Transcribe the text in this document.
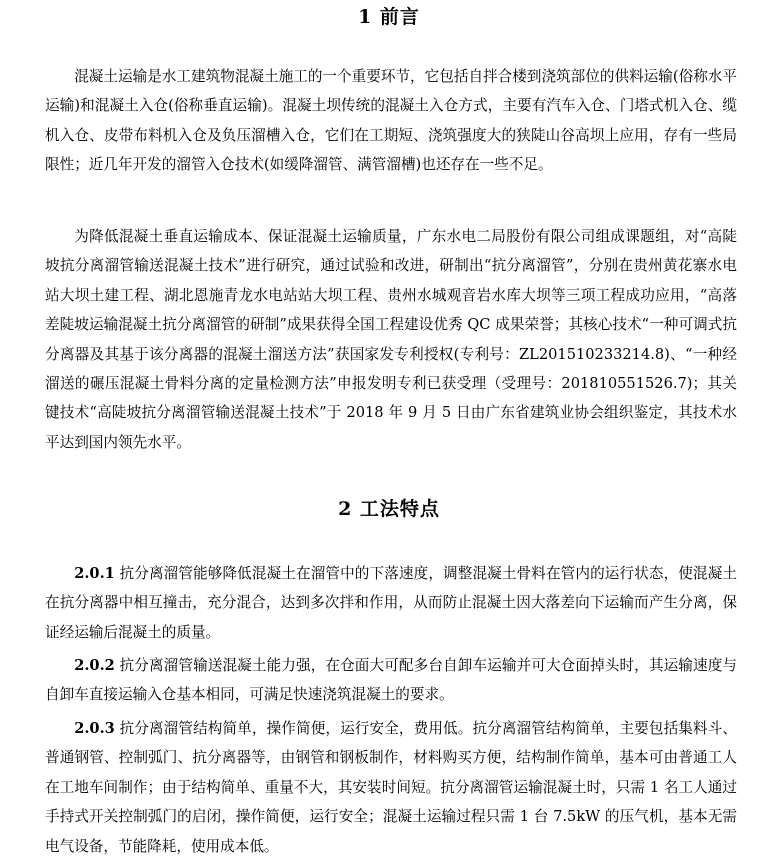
1 前言

混凝土运输是水工建筑物混凝土施工的一个重要环节，它包括自拌合楼到浇筑部位的供料运输(俗称水平运输)和混凝土入仓(俗称垂直运输)。混凝土坝传统的混凝土入仓方式，主要有汽车入仓、门塔式机入仓、缆机入仓、皮带布料机入仓及负压溜槽入仓，它们在工期短、浇筑强度大的狭陡山谷高坝上应用，存有一些局限性；近几年开发的溜管入仓技术(如缓降溜管、满管溜槽)也还存在一些不足。

为降低混凝土垂直运输成本、保证混凝土运输质量，广东水电二局股份有限公司组成课题组，对“高陡坡抗分离溜管输送混凝土技术”进行研究，通过试验和改进，研制出“抗分离溜管”，分别在贵州黄花寨水电站大坝土建工程、湖北恩施青龙水电站站大坝工程、贵州水城观音岩水库大坝等三项工程成功应用，“高落差陡坡运输混凝土抗分离溜管的研制”成果获得全国工程建设优秀 QC 成果荣誉；其核心技术“一种可调式抗分离器及其基于该分离器的混凝土溜送方法”获国家发专利授权(专利号：ZL201510233214.8)、“一种经溜送的碾压混凝土骨料分离的定量检测方法”申报发明专利已获受理（受理号：201810551526.7)；其关键技术“高陡坡抗分离溜管输送混凝土技术”于 2018 年 9 月 5 日由广东省建筑业协会组织鉴定，其技术水平达到国内领先水平。

2 工法特点

2.0.1 抗分离溜管能够降低混凝土在溜管中的下落速度，调整混凝土骨料在管内的运行状态，使混凝土在抗分离器中相互撞击，充分混合，达到多次拌和作用，从而防止混凝土因大落差向下运输而产生分离，保证经运输后混凝土的质量。

2.0.2 抗分离溜管输送混凝土能力强，在仓面大可配多台自卸车运输并可大仓面掉头时，其运输速度与自卸车直接运输入仓基本相同，可满足快速浇筑混凝土的要求。

2.0.3 抗分离溜管结构简单，操作简便，运行安全，费用低。抗分离溜管结构简单，主要包括集料斗、普通钢管、控制弧门、抗分离器等，由钢管和钢板制作，材料购买方便，结构制作简单，基本可由普通工人在工地车间制作；由于结构简单、重量不大，其安装时间短。抗分离溜管运输混凝土时，只需 1 名工人通过手持式开关控制弧门的启闭，操作简便，运行安全；混凝土运输过程只需 1 台 7.5kW 的压气机，基本无需电气设备，节能降耗，使用成本低。
